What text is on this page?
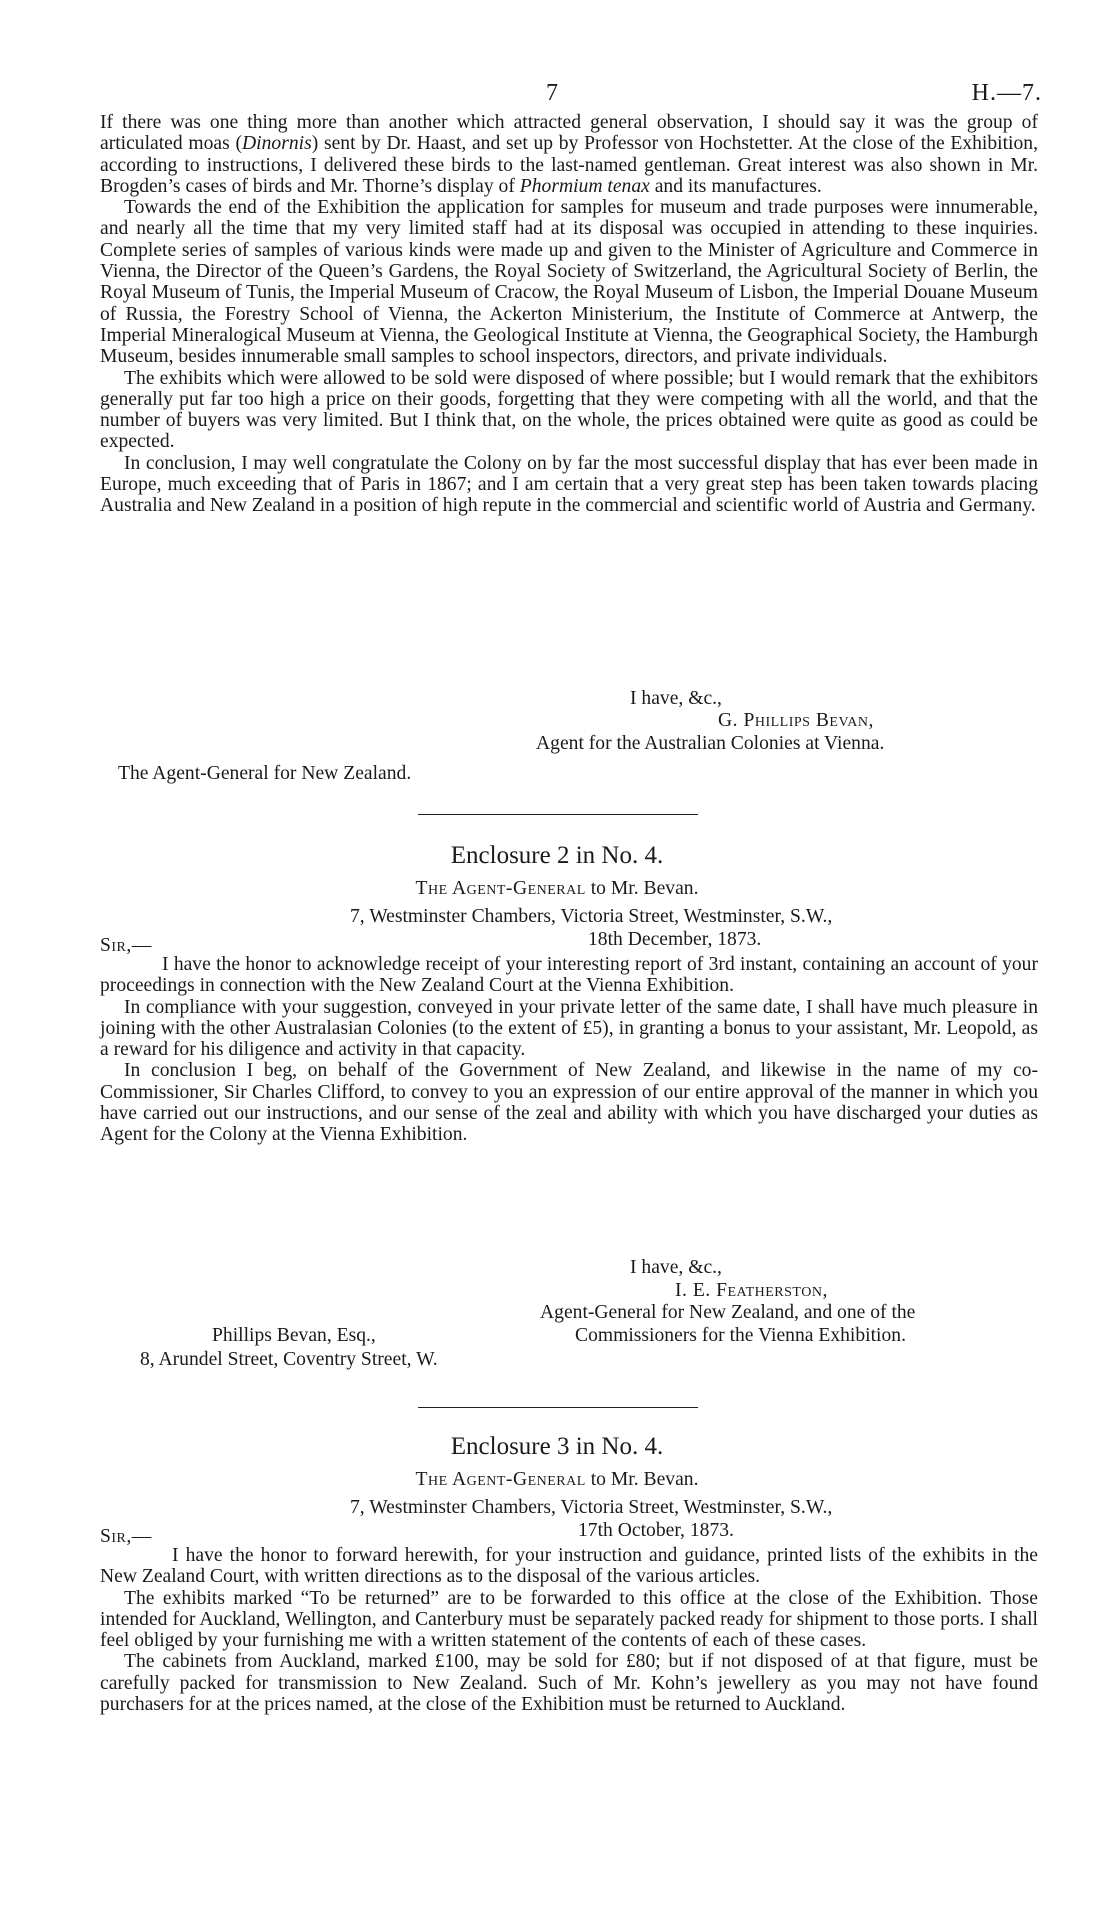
7	H.—7.

If there was one thing more than another which attracted general observation, I should say it was the group of articulated moas (Dinornis) sent by Dr. Haast, and set up by Professor von Hochstetter. At the close of the Exhibition, according to instructions, I delivered these birds to the last-named gentleman. Great interest was also shown in Mr. Brogden’s cases of birds and Mr. Thorne’s display of Phormium tenax and its manufactures.

Towards the end of the Exhibition the application for samples for museum and trade purposes were innumerable, and nearly all the time that my very limited staff had at its disposal was occupied in attending to these inquiries. Complete series of samples of various kinds were made up and given to the Minister of Agriculture and Commerce in Vienna, the Director of the Queen’s Gardens, the Royal Society of Switzerland, the Agricultural Society of Berlin, the Royal Museum of Tunis, the Imperial Museum of Cracow, the Royal Museum of Lisbon, the Imperial Douane Museum of Russia, the Forestry School of Vienna, the Ackerton Ministerium, the Institute of Commerce at Antwerp, the Imperial Mineralogical Museum at Vienna, the Geological Institute at Vienna, the Geographical Society, the Hamburgh Museum, besides innumerable small samples to school inspectors, directors, and private individuals.

The exhibits which were allowed to be sold were disposed of where possible; but I would remark that the exhibitors generally put far too high a price on their goods, forgetting that they were competing with all the world, and that the number of buyers was very limited. But I think that, on the whole, the prices obtained were quite as good as could be expected.

In conclusion, I may well congratulate the Colony on by far the most successful display that has ever been made in Europe, much exceeding that of Paris in 1867; and I am certain that a very great step has been taken towards placing Australia and New Zealand in a position of high repute in the commercial and scientific world of Austria and Germany.

I have, &c.,
G. Phillips Bevan,
Agent for the Australian Colonies at Vienna.
The Agent-General for New Zealand.
Enclosure 2 in No. 4.
The Agent-General to Mr. Bevan.
7, Westminster Chambers, Victoria Street, Westminster, S.W.,
18th December, 1873.
Sir,—

I have the honor to acknowledge receipt of your interesting report of 3rd instant, containing an account of your proceedings in connection with the New Zealand Court at the Vienna Exhibition.

In compliance with your suggestion, conveyed in your private letter of the same date, I shall have much pleasure in joining with the other Australasian Colonies (to the extent of £5), in granting a bonus to your assistant, Mr. Leopold, as a reward for his diligence and activity in that capacity.

In conclusion I beg, on behalf of the Government of New Zealand, and likewise in the name of my co-Commissioner, Sir Charles Clifford, to convey to you an expression of our entire approval of the manner in which you have carried out our instructions, and our sense of the zeal and ability with which you have discharged your duties as Agent for the Colony at the Vienna Exhibition.

I have, &c.,
I. E. Featherston,
Agent-General for New Zealand, and one of the
Commissioners for the Vienna Exhibition.
Phillips Bevan, Esq.,
8, Arundel Street, Coventry Street, W.
Enclosure 3 in No. 4.
The Agent-General to Mr. Bevan.
7, Westminster Chambers, Victoria Street, Westminster, S.W.,
17th October, 1873.
Sir,—

I have the honor to forward herewith, for your instruction and guidance, printed lists of the exhibits in the New Zealand Court, with written directions as to the disposal of the various articles.

The exhibits marked “To be returned” are to be forwarded to this office at the close of the Exhibition. Those intended for Auckland, Wellington, and Canterbury must be separately packed ready for shipment to those ports. I shall feel obliged by your furnishing me with a written statement of the contents of each of these cases.

The cabinets from Auckland, marked £100, may be sold for £80; but if not disposed of at that figure, must be carefully packed for transmission to New Zealand. Such of Mr. Kohn’s jewellery as you may not have found purchasers for at the prices named, at the close of the Exhibition must be returned to Auckland.
